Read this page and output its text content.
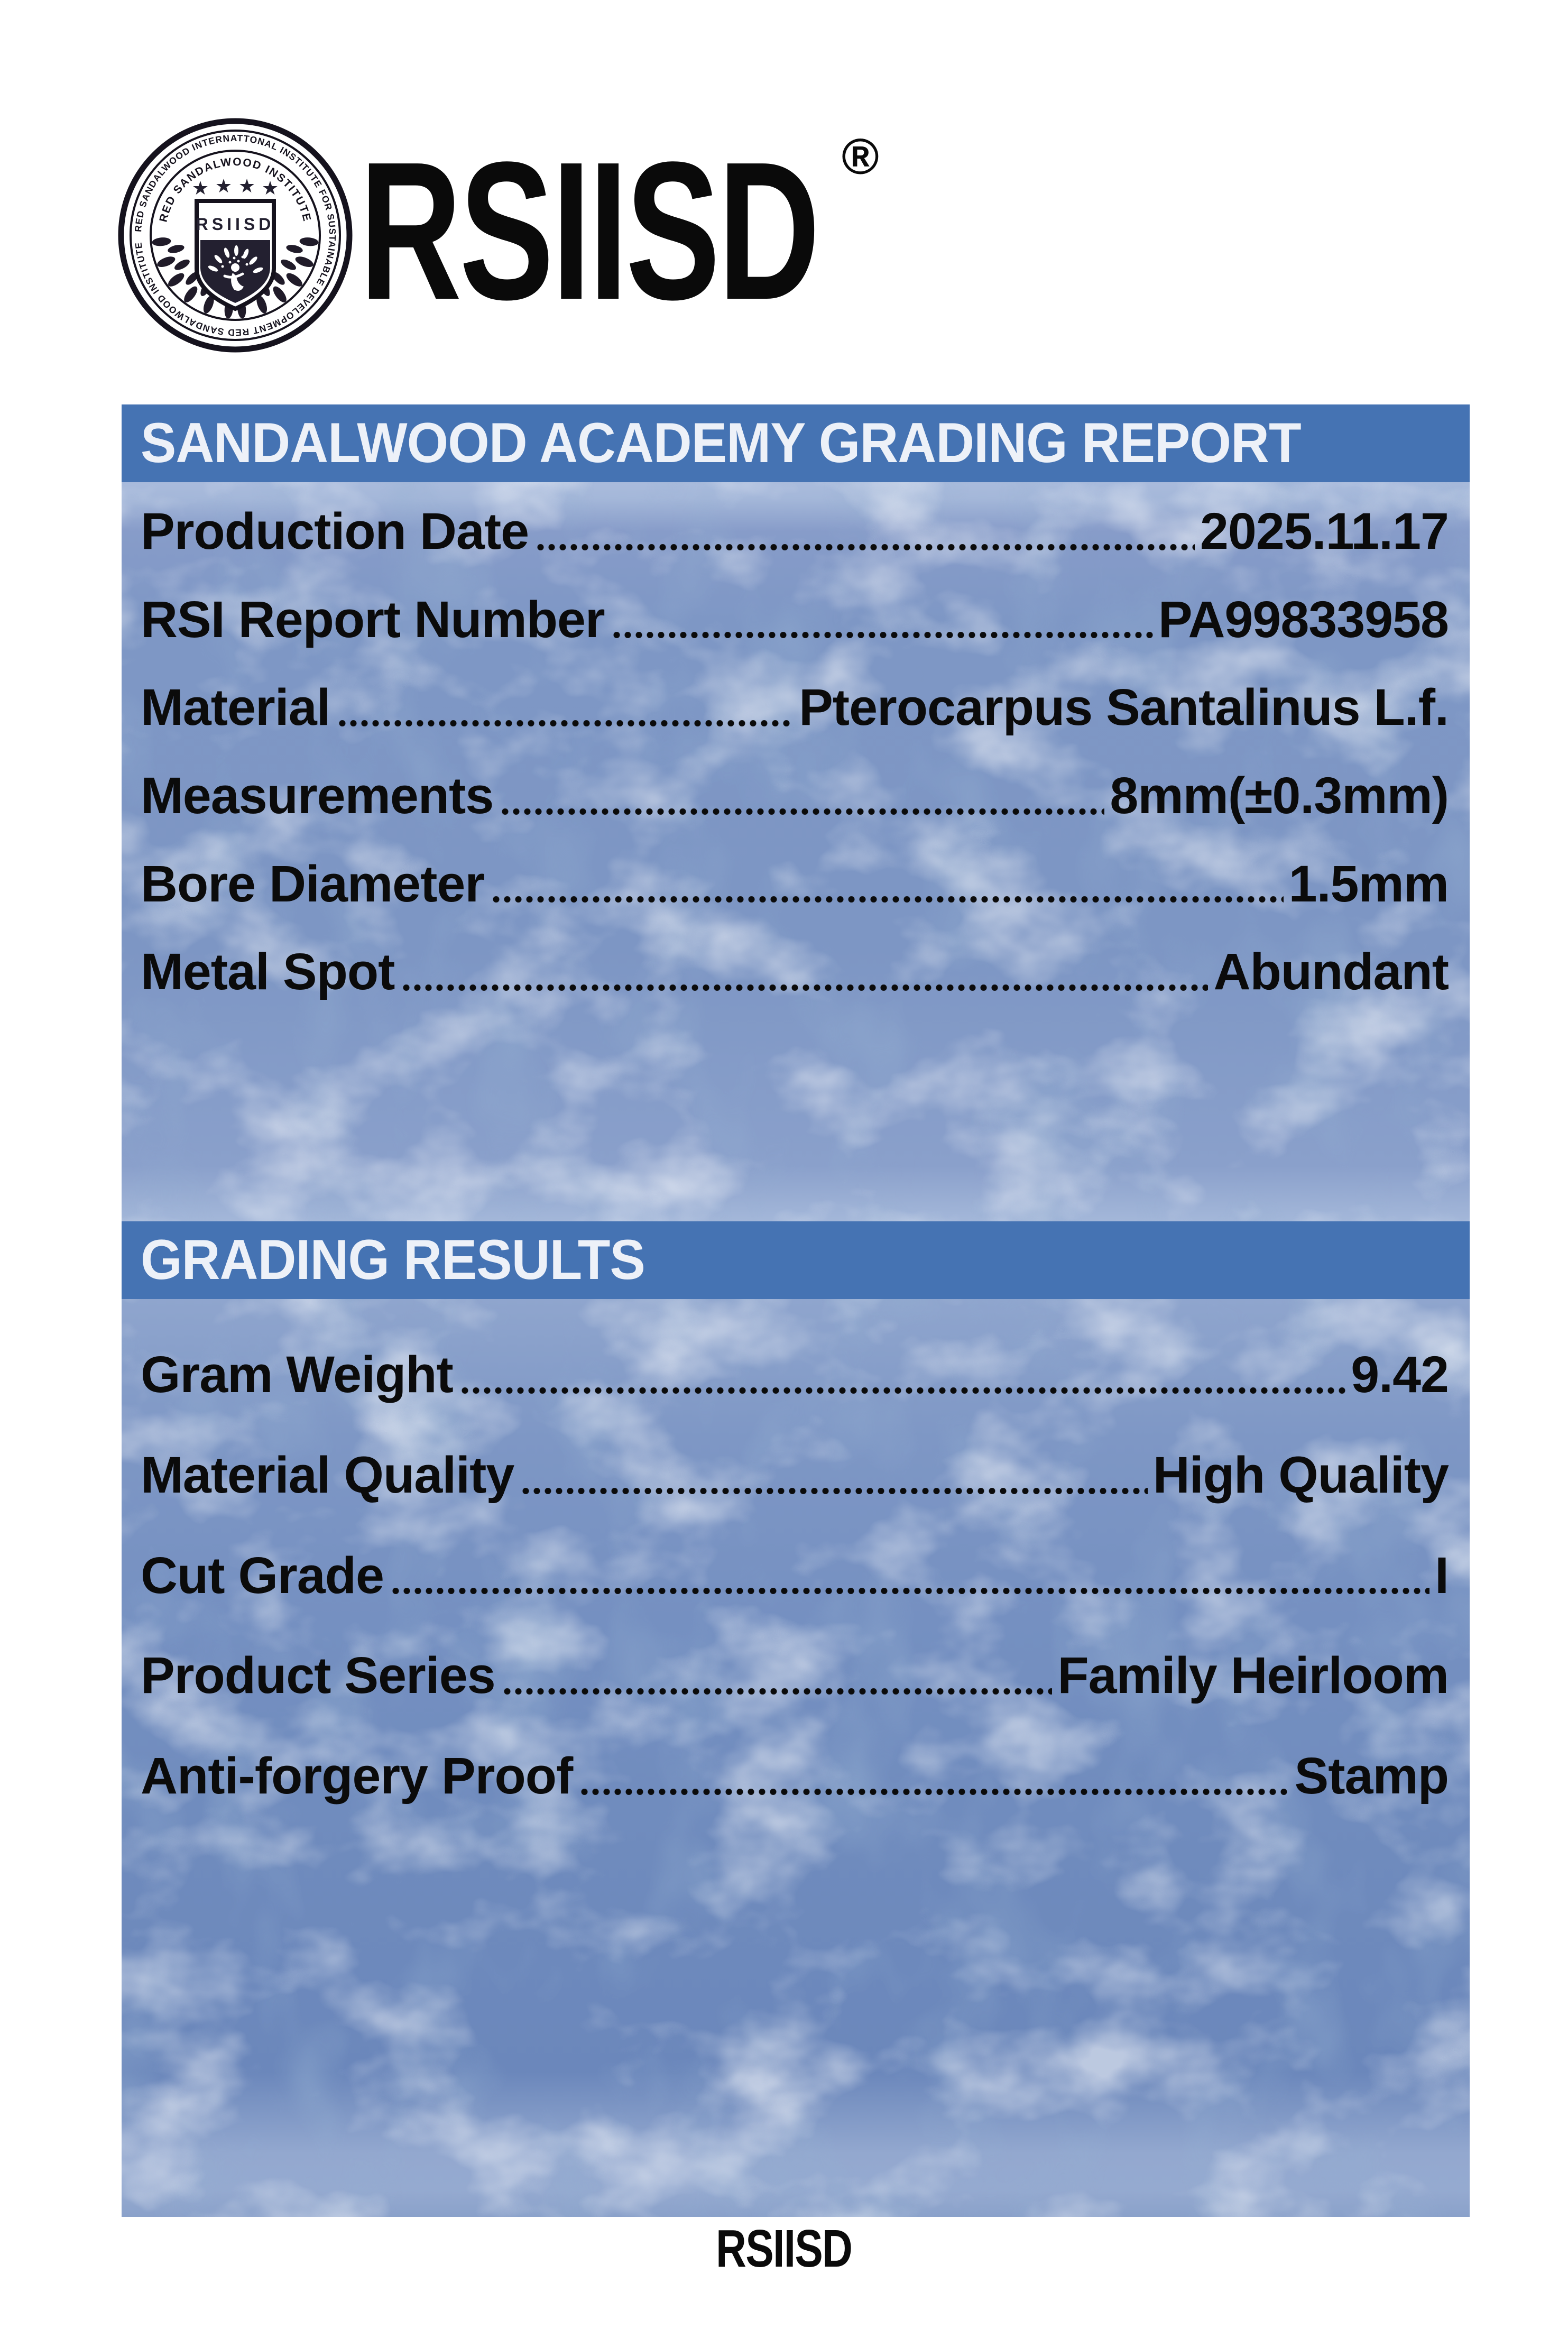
RED SANDALWOOD INTERNATTONAL INSTITUTE FOR SUSTAINABLE DEVELOPMENT RED SANDALWOOD INSTITUTE
RED SANDALWOOD INSTITUTE
★ ★ ★ ★
RSIISD RSIISD ®
SANDALWOOD ACADEMY GRADING REPORT
Production Date	2025.11.17
RSI Report Number	PA99833958
Material	Pterocarpus Santalinus L.f.
Measurements	8mm(±0.3mm)
Bore Diameter	1.5mm
Metal Spot	Abundant
GRADING RESULTS
Gram Weight	9.42
Material Quality	High Quality
Cut Grade	I
Product Series	Family Heirloom
Anti-forgery Proof	Stamp
RSIISD
